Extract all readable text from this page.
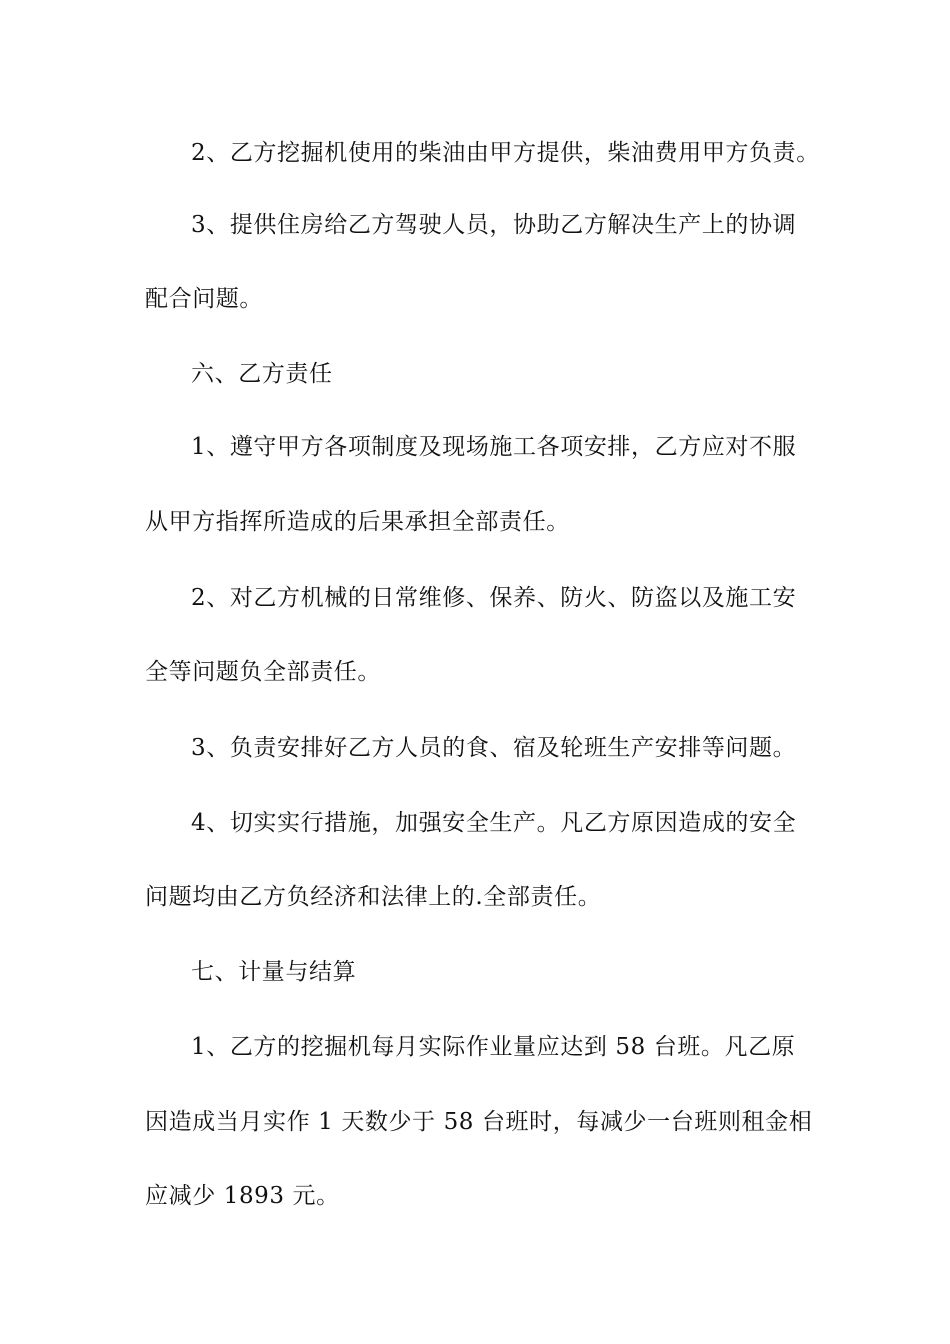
2、乙方挖掘机使用的柴油由甲方提供，柴油费用甲方负责。
3、提供住房给乙方驾驶人员，协助乙方解决生产上的协调
配合问题。
六、乙方责任
1、遵守甲方各项制度及现场施工各项安排，乙方应对不服
从甲方指挥所造成的后果承担全部责任。
2、对乙方机械的日常维修、保养、防火、防盗以及施工安
全等问题负全部责任。
3、负责安排好乙方人员的食、宿及轮班生产安排等问题。
4、切实实行措施，加强安全生产。凡乙方原因造成的安全
问题均由乙方负经济和法律上的.全部责任。
七、计量与结算
1、乙方的挖掘机每月实际作业量应达到 58 台班。凡乙原
因造成当月实作 1 天数少于 58 台班时，每减少一台班则租金相
应减少 1893 元。
